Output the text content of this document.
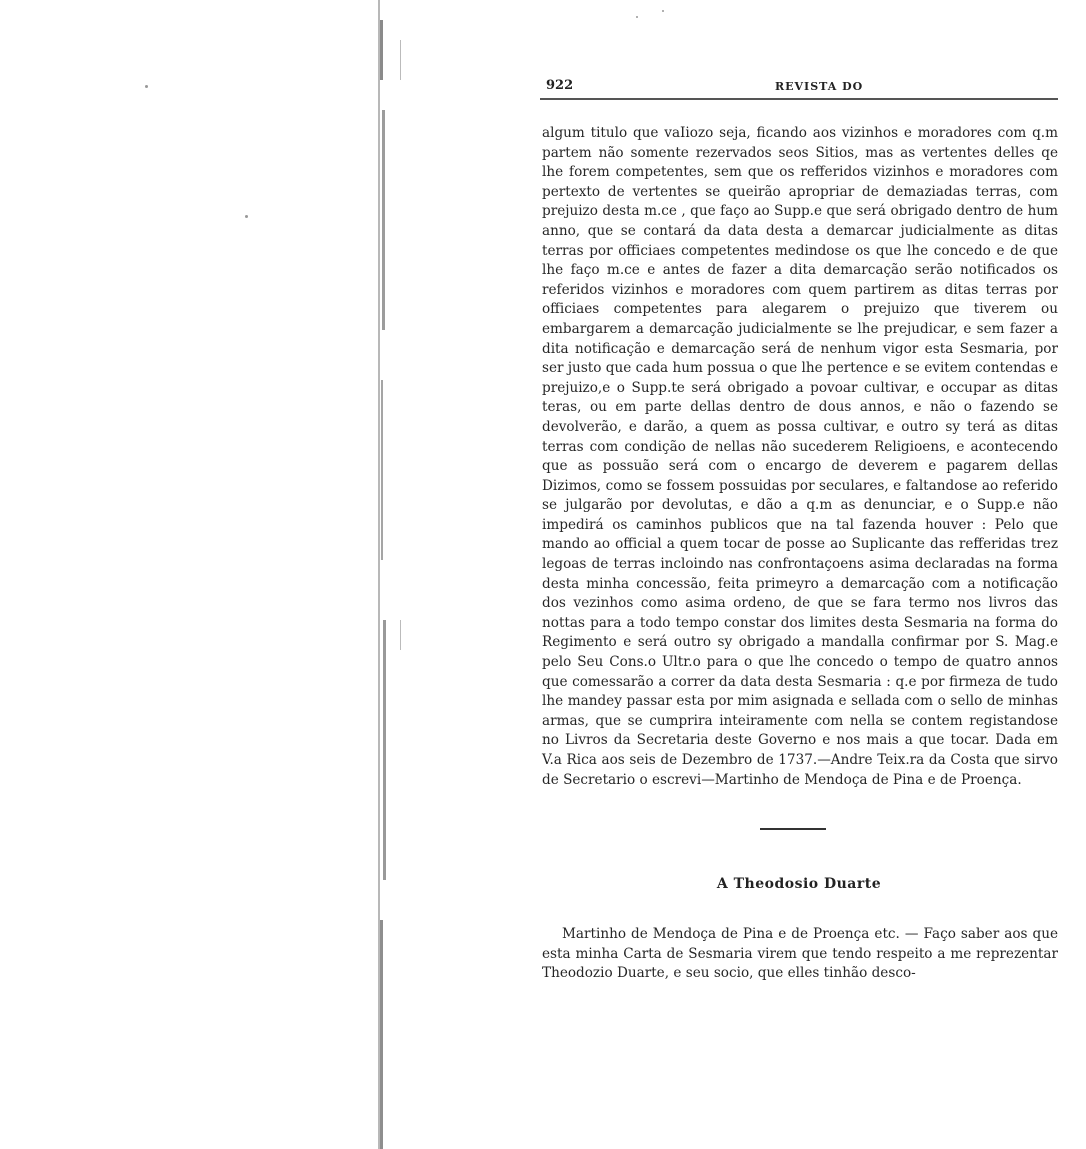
922	REVISTA DO

algum titulo que vaIiozo seja, ficando aos vizinhos e moradores com q.m partem não somente rezervados seos Sitios, mas as vertentes delles qe lhe forem competentes, sem que os refferidos vizinhos e moradores com pertexto de vertentes se queirão apropriar de demaziadas terras, com prejuizo desta m.ce , que faço ao Supp.e que será obrigado dentro de hum anno, que se contará da data desta a demarcar judicialmente as ditas terras por officiaes competentes medindose os que lhe concedo e de que lhe faço m.ce e antes de fazer a dita demarcação serão notificados os referidos vizinhos e moradores com quem partirem as ditas terras por officiaes competentes para alegarem o prejuizo que tiverem ou embargarem a demarcação judicialmente se lhe prejudicar, e sem fazer a dita notificação e demarcação será de nenhum vigor esta Sesmaria, por ser justo que cada hum possua o que lhe pertence e se evitem contendas e prejuizo,e o Supp.te será obrigado a povoar cultivar, e occupar as ditas teras, ou em parte dellas dentro de dous annos, e não o fazendo se devolverão, e darão, a quem as possa cultivar, e outro sy terá as ditas terras com condição de nellas não sucederem Religioens, e acontecendo que as possuão será com o encargo de deverem e pagarem dellas Dizimos, como se fossem possuidas por seculares, e faltandose ao referido se julgarão por devolutas, e dão a q.m as denunciar, e o Supp.e não impedirá os caminhos publicos que na tal fazenda houver : Pelo que mando ao official a quem tocar de posse ao Suplicante das refferidas trez legoas de terras incloindo nas confrontaçoens asima declaradas na forma desta minha concessão, feita primeyro a demarcação com a notificação dos vezinhos como asima ordeno, de que se fara termo nos livros das nottas para a todo tempo constar dos limites desta Sesmaria na forma do Regimento e será outro sy obrigado a mandalla confirmar por S. Mag.e pelo Seu Cons.o Ultr.o para o que lhe concedo o tempo de quatro annos que comessarão a correr da data desta Sesmaria : q.e por firmeza de tudo lhe mandey passar esta por mim asignada e sellada com o sello de minhas armas, que se cumprira inteiramente com nella se contem registandose no Livros da Secretaria deste Governo e nos mais a que tocar. Dada em V.a Rica aos seis de Dezembro de 1737.—Andre Teix.ra da Costa que sirvo de Secretario o escrevi—Martinho de Mendoça de Pina e de Proença.

A Theodosio Duarte

Martinho de Mendoça de Pina e de Proença etc. — Faço saber aos que esta minha Carta de Sesmaria virem que tendo respeito a me reprezentar Theodozio Duarte, e seu socio, que elles tinhão desco-
